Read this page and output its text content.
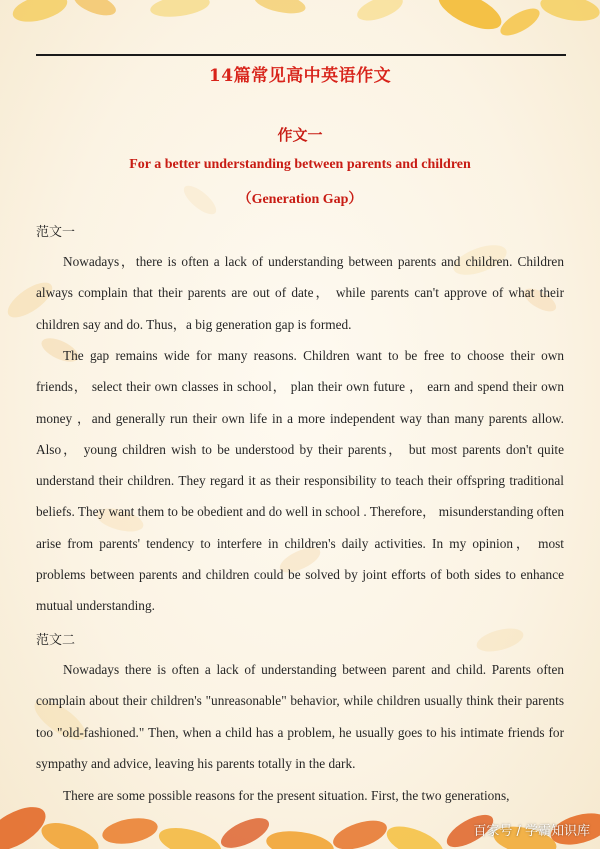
14篇常见高中英语作文
作文一
For a better understanding between parents and children
（Generation Gap）
范文一

Nowadays，there is often a lack of understanding between parents and children. Children always complain that their parents are out of date， while parents can't approve of what their children say and do. Thus，a big generation gap is formed.

The gap remains wide for many reasons. Children want to be free to choose their own friends， select their own classes in school， plan their own future ， earn and spend their own money ，and generally run their own life in a more independent way than many parents allow. Also， young children wish to be understood by their parents， but most parents don't quite understand their children. They regard it as their responsibility to teach their offspring traditional beliefs. They want them to be obedient and do well in school . Therefore， misunderstanding often arise from parents' tendency to interfere in children's daily activities. In my opinion， most problems between parents and children could be solved by joint efforts of both sides to enhance mutual understanding.

范文二

Nowadays there is often a lack of understanding between parent and child. Parents often complain about their children's "unreasonable" behavior, while children usually think their parents too "old-fashioned." Then, when a child has a problem, he usually goes to his intimate friends for sympathy and advice, leaving his parents totally in the dark.

There are some possible reasons for the present situation. First, the two generations,

百家号 / 学霸知识库
